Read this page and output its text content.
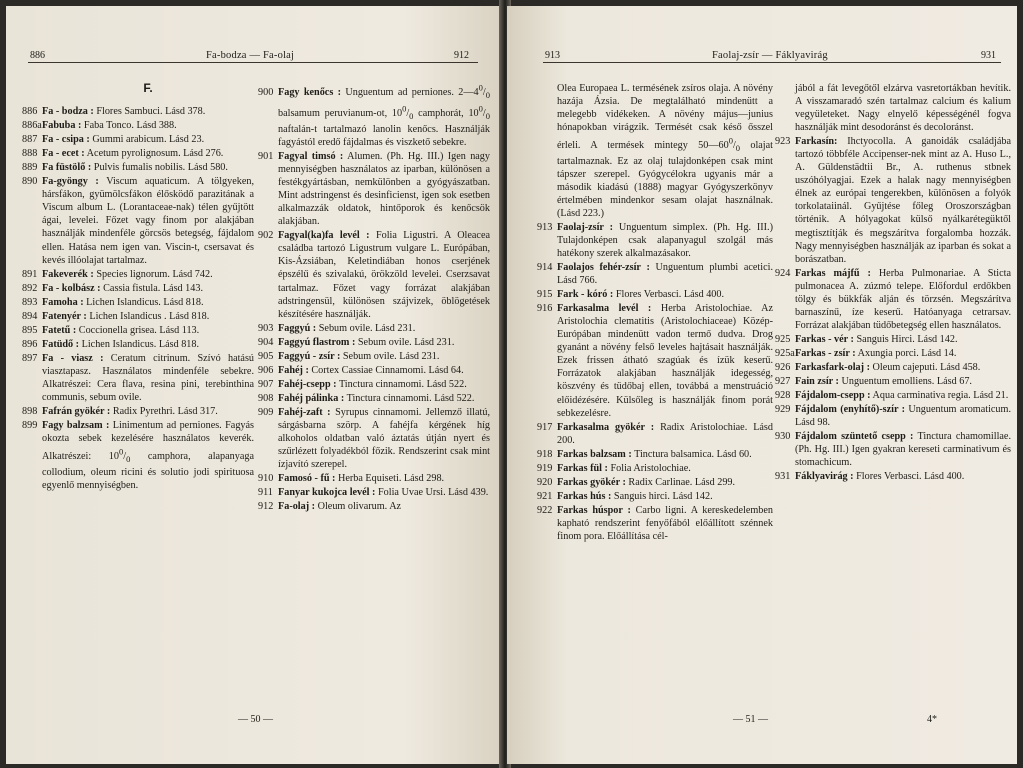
886	Fa-bodza — Fa-olaj	912
F.
886 Fa - bodza : Flores Sambuci. Lásd 378.
886aFabuba : Faba Tonco. Lásd 388.
887 Fa - csipa : Gummi arabicum. Lásd 23.
888 Fa - ecet : Acetum pyrolignosum. Lásd 276.
889 Fa füstölő : Pulvis fumalis nobilis. Lásd 580.
890 Fa-gyöngy : Viscum aquaticum. A tölgyeken, hársfákon, gyümölcsfákon élősködő parazitának a Viscum album L. (Lorantaceae-nak) télen gyűjtött ágai, levelei. Főzet vagy finom por alakjában használják mindenféle görcsös betegség, fájdalom ellen. Hatása nem igen van. Viscin-t, csersavat és kevés illóolajat tartalmaz.
891 Fakeverék : Species lignorum. Lásd 742.
892 Fa - kolbász : Cassia fistula. Lásd 143.
893 Famoha : Lichen Islandicus. Lásd 818.
894 Fatenyér : Lichen Islandicus . Lásd 818.
895 Fatetű : Coccionella grisea. Lásd 113.
896 Fatüdő : Lichen Islandicus. Lásd 818.
897 Fa - viasz : Ceratum citrinum. Szívó hatású viasztapasz. Használatos mindenféle sebekre. Alkatrészei: Cera flava, resina pini, terebinthina communis, sebum ovile.
898 Fafrán gyökér : Radix Pyrethri. Lásd 317.
899 Fagy balzsam : Linimentum ad perniones. Fagyás okozta sebek kezelésére használatos keverék. Alkatrészei: $10^0/_0$ camphora, alapanyaga collodium, oleum ricini és solutio jodi spirituosa egyenlő mennyiségben.
900 Fagy kenőcs : Unguentum ad perniones. $2—4^0/_0$ balsamum peruvianum-ot, $10^0/_0$ camphorát, $10^0/_0$ naftalán-t tartalmazó lanolin kenőcs. Használják fagyástól eredő fájdalmas és viszkető sebekre.
901 Fagyal timsó : Alumen. (Ph. Hg. III.) Igen nagy mennyiségben használatos az iparban, különösen a festékgyártásban, nemkülönben a gyógyászatban. Mint adstringenst és desinficienst, igen sok esetben alkalmazzák oldatok, hintőporok és kenőcsök alakjában.
902 Fagyal(ka)fa levél : Folia Ligustri. A Oleacea családba tartozó Ligustrum vulgare L. Európában, Kis-Ázsiában, Keletindiában honos cserjének épszélű és szivalakú, örökzöld levelei. Cserzsavat tartalmaz. Főzet vagy forrázat alakjában adstringensül, különösen szájvizek, öblögetések készítésére használják.
903 Faggyú : Sebum ovile. Lásd 231.
904 Faggyú flastrom : Sebum ovile. Lásd 231.
905 Faggyú - zsír : Sebum ovile. Lásd 231.
906 Fahéj : Cortex Cassiae Cinnamomi. Lásd 64.
907 Fahéj-csepp : Tinctura cinnamomi. Lásd 522.
908 Fahéj pálinka : Tinctura cinnamomi. Lásd 522.
909 Fahéj-zaft : Syrupus cinnamomi. Jellemző illatú, sárgásbarna szörp. A fahéjfa kérgének híg alkoholos oldatban való áztatás útján nyert és szűrlézett folyadékból főzik. Rendszerint csak mint ízjavító szerepel.
910 Famosó - fű : Herba Equiseti. Lásd 298.
911 Fanyar kukojca levél : Folia Uvae Ursi. Lásd 439.
912 Fa-olaj : Oleum olivarum. Az
— 50 —
913	Faolaj-zsír — Fáklyavirág	931
Olea Europaea L. termésének zsíros olaja. A növény hazája Ázsia. De megtalálható mindenütt a melegebb vidékeken. A növény május—junius hónapokban virágzik. Termését csak késő ősszel érleli. A termések mintegy $50—60^0/_0$ olajat tartalmaznak. Ez az olaj tulajdonképen csak mint tápszer szerepel. Gyógycélokra ugyanis már a második kiadású (1888) magyar Gyógyszerkönyv értelmében mindenkor sesam olajat használnak. (Lásd 223.)
913 Faolaj-zsír : Unguentum simplex. (Ph. Hg. III.) Tulajdonképen csak alapanyagul szolgál más hatékony szerek alkalmazásakor.
914 Faolajos fehér-zsír : Unguentum plumbi acetici. Lásd 766.
915 Fark - kóró : Flores Verbasci. Lásd 400.
916 Farkasalma levél : Herba Aristolochiae. Az Aristolochia clematitis (Aristolochiaceae) Közép-Európában mindenütt vadon termő dudva. Drog gyanánt a növény felső leveles hajtásait használják. Ezek frissen átható szagúak és ízük keserű. Forrázatok alakjában használják idegesség, köszvény és tüdőbaj ellen, továbbá a menstruáció előidézésére. Külsőleg is használják finom porát sebkezelésre.
917 Farkasalma gyökér : Radix Aristolochiae. Lásd 200.
918 Farkas balzsam : Tinctura balsamica. Lásd 60.
919 Farkas fül : Folia Aristolochiae.
920 Farkas gyökér : Radix Carlinae. Lásd 299.
921 Farkas hús : Sanguis hirci. Lásd 142.
922 Farkas húspor : Carbo ligni. A kereskedelemben kapható rendszerint fenyőfából előállított szénnek finom pora. Előállítása cél-
jából a fát levegőtől elzárva vasretortákban hevítik. A visszamaradó szén tartalmaz calcium és kalium vegyületeket. Nagy elnyelő képességénél fogva használják mint desodoránst és decoloránst.
923 Farkasín: Ihctyocolla. A ganoidák családjába tartozó többféle Accipenser-nek mint az A. Huso L., A. Güldenstädtii Br., A. ruthenus stbnek uszóhólyagjai. Ezek a halak nagy mennyiségben élnek az európai tengerekben, különösen a folyók torkolataiinál. Gyűjtése főleg Oroszországban történik. A hólyagokat külső nyálkarétegüktől megtisztítják és megszárítva forgalomba hozzák. Nagy mennyiségben használják az iparban és sokat a borászatban.
924 Farkas májfű : Herba Pulmonariae. A Sticta pulmonacea A. zúzmó telepe. Előfordul erdőkben tölgy és bükkfák alján és törzsén. Megszárítva barnaszínű, íze keserű. Hatóanyaga cetrarsav. Forrázat alakjában tüdőbetegség ellen használatos.
925 Farkas - vér : Sanguis Hirci. Lásd 142.
925aFarkas - zsír : Axungia porci. Lásd 14.
926 Farkasfark-olaj : Oleum cajeputi. Lásd 458.
927 Fain zsír : Unguentum emolliens. Lásd 67.
928 Fájdalom-csepp : Aqua carminativa regia. Lásd 21.
929 Fájdalom (enyhítő)-szír : Unguentum aromaticum. Lásd 98.
930 Fájdalom szüntető csepp : Tinctura chamomillae. (Ph. Hg. III.) Igen gyakran kereseti carminativum és stomachicum.
931 Fáklyavirág : Flores Verbasci. Lásd 400.
— 51 —	4*
